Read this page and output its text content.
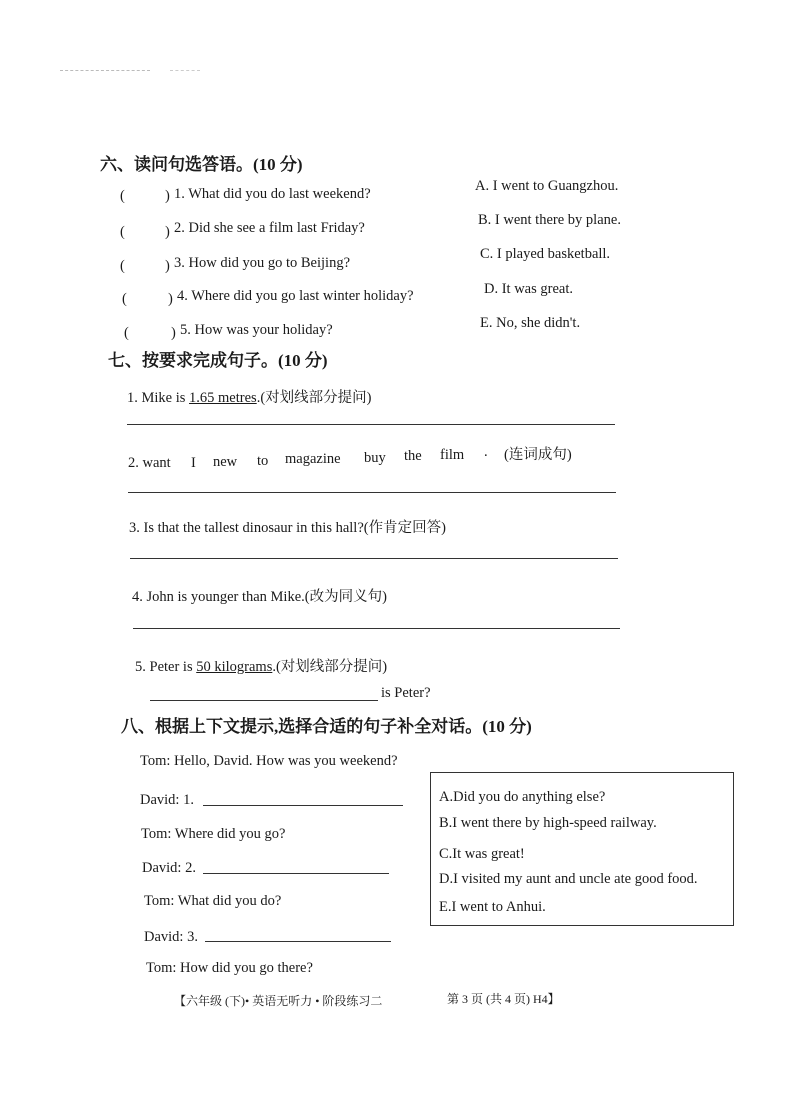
六、读问句选答语。(10 分)
(	) 1. What did you do last weekend?
(	) 2. Did she see a film last Friday?
(	) 3. How did you go to Beijing?
(	) 4. Where did you go last winter holiday?
(	) 5. How was your holiday?
A. I went to Guangzhou.
B. I went there by plane.
C. I played basketball.
D. It was great.
E. No, she didn't.
七、按要求完成句子。(10 分)
1. Mike is 1.65 metres.(对划线部分提问)
2. want I new to magazine buy the film . (连词成句)
3. Is that the tallest dinosaur in this hall?(作肯定回答)
4. John is younger than Mike.(改为同义句)
5. Peter is 50 kilograms.(对划线部分提问)
is Peter?
八、根据上下文提示,选择合适的句子补全对话。(10 分)
Tom: Hello, David. How was you weekend?
David: 1.
Tom: Where did you go?
David: 2.
Tom: What did you do?
David: 3.
Tom: How did you go there?
A.Did you do anything else?
B.I went there by high-speed railway.
C.It was great!
D.I visited my aunt and uncle ate good food.
E.I went to Anhui.
【六年级 (下)• 英语无听力 • 阶段练习二	第 3 页 (共 4 页) H4】
